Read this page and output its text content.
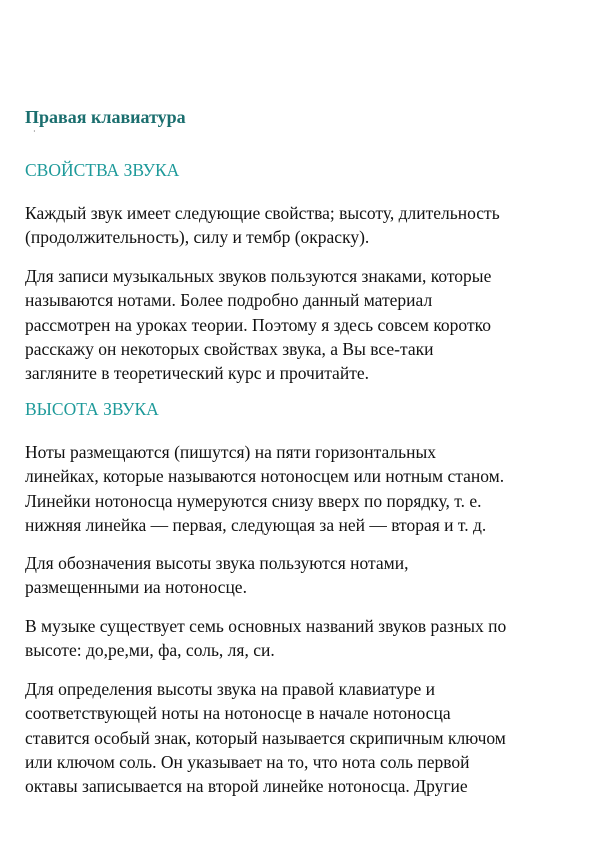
Правая клавиатура
·
СВОЙСТВА ЗВУКА

Каждый звук имеет следующие свойства; высоту, длительность
(продолжительность), силу и тембр (окраску).

Для записи музыкальных звуков пользуются знаками, которые
называются нотами. Более подробно данный материал
рассмотрен на уроках теории. Поэтому я здесь совсем коротко
расскажу он некоторых свойствах звука, а Вы все-таки
загляните в теоретический курс и прочитайте.

ВЫСОТА ЗВУКА

Ноты размещаются (пишутся) на пяти горизонтальных
линейках, которые называются нотоносцем или нотным станом.
Линейки нотоносца нумеруются снизу вверх по порядку, т. е.
нижняя линейка — первая, следующая за ней — вторая и т. д.

Для обозначения высоты звука пользуются нотами,
размещенными иа нотоносце.

В музыке существует семь основных названий звуков разных по
высоте: до,ре,ми, фа, соль, ля, си.

Для определения высоты звука на правой клавиатуре и
соответствующей ноты на нотоносце в начале нотоносца
ставится особый знак, который называется скрипичным ключом
или ключом соль. Он указывает на то, что нота соль первой
октавы записывается на второй линейке нотоносца. Другие
